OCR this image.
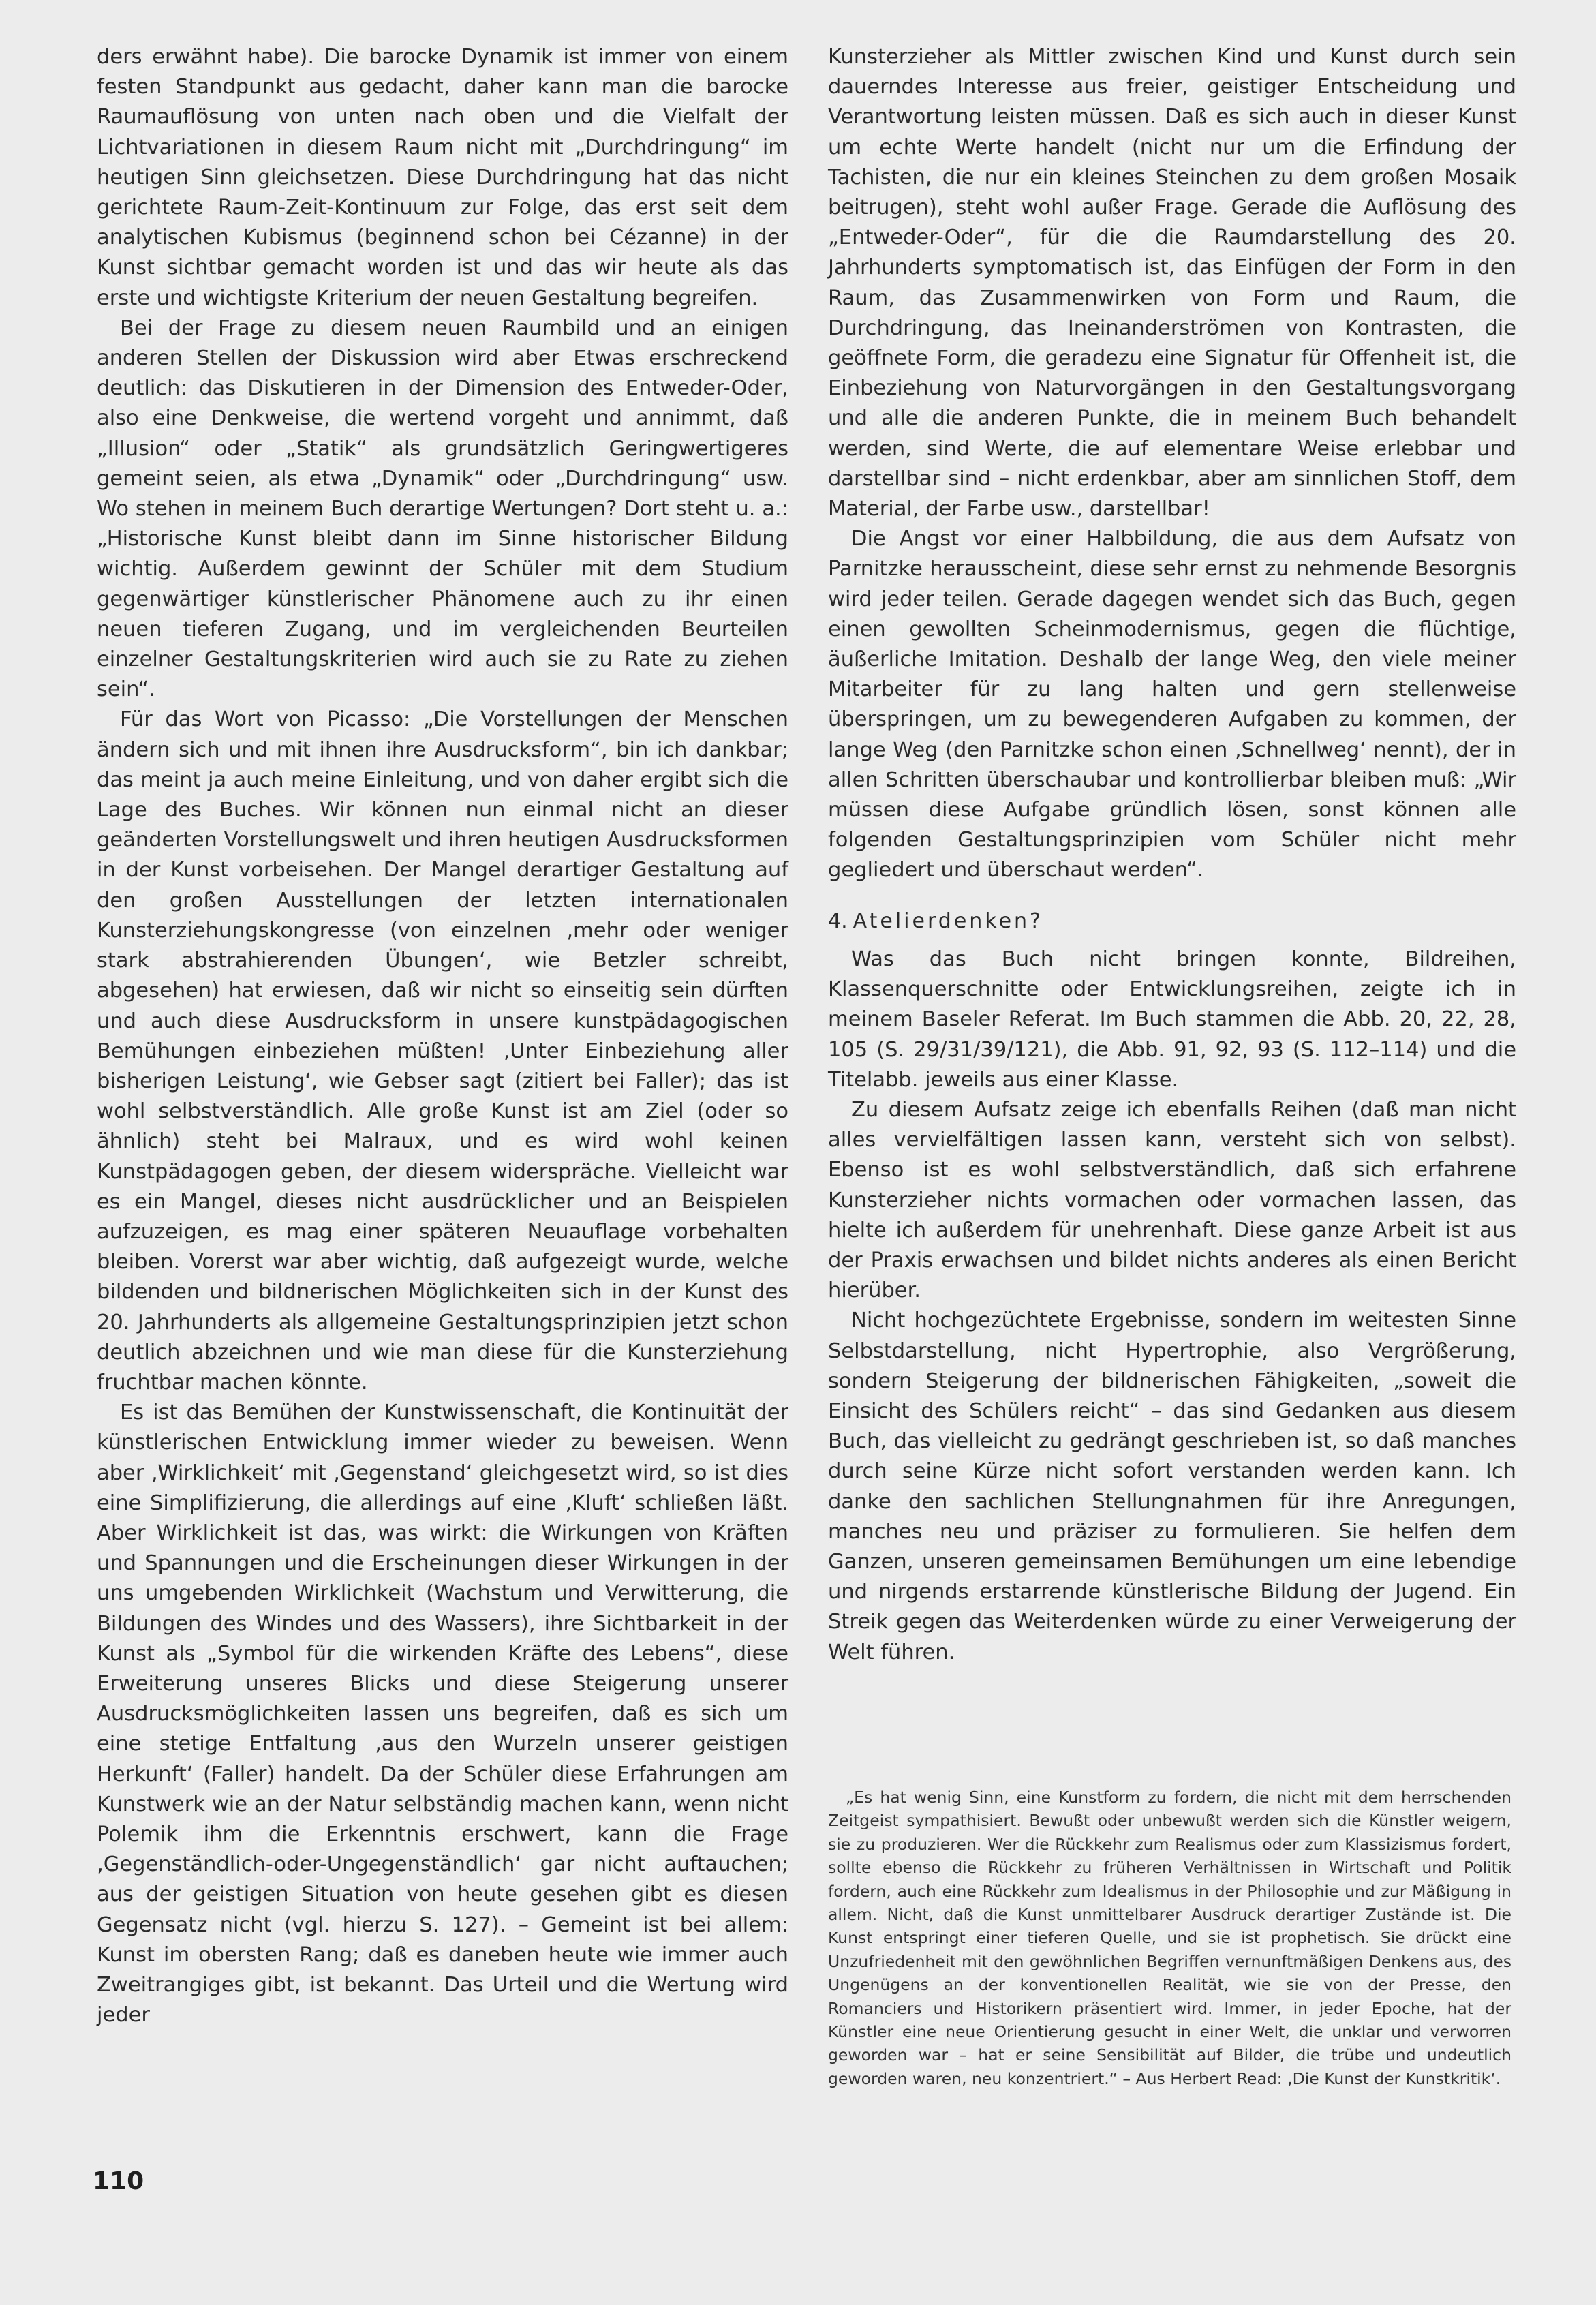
ders erwähnt habe). Die barocke Dynamik ist immer von einem festen Standpunkt aus gedacht, daher kann man die barocke Raumauflösung von unten nach oben und die Vielfalt der Lichtvariationen in diesem Raum nicht mit „Durchdringung“ im heutigen Sinn gleichsetzen. Diese Durchdringung hat das nicht gerichtete Raum-Zeit-Kontinuum zur Folge, das erst seit dem analytischen Kubismus (beginnend schon bei Cézanne) in der Kunst sichtbar gemacht worden ist und das wir heute als das erste und wichtigste Kriterium der neuen Gestaltung begreifen.

Bei der Frage zu diesem neuen Raumbild und an einigen anderen Stellen der Diskussion wird aber Etwas erschreckend deutlich: das Diskutieren in der Dimension des Entweder-Oder, also eine Denkweise, die wertend vorgeht und annimmt, daß „Illusion“ oder „Statik“ als grundsätzlich Geringwertigeres gemeint seien, als etwa „Dynamik“ oder „Durchdringung“ usw. Wo stehen in meinem Buch derartige Wertungen? Dort steht u. a.: „Historische Kunst bleibt dann im Sinne historischer Bildung wichtig. Außerdem gewinnt der Schüler mit dem Studium gegenwärtiger künstlerischer Phänomene auch zu ihr einen neuen tieferen Zugang, und im vergleichenden Beurteilen einzelner Gestaltungskriterien wird auch sie zu Rate zu ziehen sein“.

Für das Wort von Picasso: „Die Vorstellungen der Menschen ändern sich und mit ihnen ihre Ausdrucksform“, bin ich dankbar; das meint ja auch meine Einleitung, und von daher ergibt sich die Lage des Buches. Wir können nun einmal nicht an dieser geänderten Vorstellungswelt und ihren heutigen Ausdrucksformen in der Kunst vorbeisehen. Der Mangel derartiger Gestaltung auf den großen Ausstellungen der letzten internationalen Kunsterziehungskongresse (von einzelnen ‚mehr oder weniger stark abstrahierenden Übungen‘, wie Betzler schreibt, abgesehen) hat erwiesen, daß wir nicht so einseitig sein dürften und auch diese Ausdrucksform in unsere kunstpädagogischen Bemühungen einbeziehen müßten! ‚Unter Einbeziehung aller bisherigen Leistung‘, wie Gebser sagt (zitiert bei Faller); das ist wohl selbstverständlich. Alle große Kunst ist am Ziel (oder so ähnlich) steht bei Malraux, und es wird wohl keinen Kunstpädagogen geben, der diesem widerspräche. Vielleicht war es ein Mangel, dieses nicht ausdrücklicher und an Beispielen aufzuzeigen, es mag einer späteren Neuauflage vorbehalten bleiben. Vorerst war aber wichtig, daß aufgezeigt wurde, welche bildenden und bildnerischen Möglichkeiten sich in der Kunst des 20. Jahrhunderts als allgemeine Gestaltungsprinzipien jetzt schon deutlich abzeichnen und wie man diese für die Kunsterziehung fruchtbar machen könnte.

Es ist das Bemühen der Kunstwissenschaft, die Kontinuität der künstlerischen Entwicklung immer wieder zu beweisen. Wenn aber ‚Wirklichkeit‘ mit ‚Gegenstand‘ gleichgesetzt wird, so ist dies eine Simplifizierung, die allerdings auf eine ‚Kluft‘ schließen läßt. Aber Wirklichkeit ist das, was wirkt: die Wirkungen von Kräften und Spannungen und die Erscheinungen dieser Wirkungen in der uns umgebenden Wirklichkeit (Wachstum und Verwitterung, die Bildungen des Windes und des Wassers), ihre Sichtbarkeit in der Kunst als „Symbol für die wirkenden Kräfte des Lebens“, diese Erweiterung unseres Blicks und diese Steigerung unserer Ausdrucksmöglichkeiten lassen uns begreifen, daß es sich um eine stetige Entfaltung ‚aus den Wurzeln unserer geistigen Herkunft‘ (Faller) handelt. Da der Schüler diese Erfahrungen am Kunstwerk wie an der Natur selbständig machen kann, wenn nicht Polemik ihm die Erkenntnis erschwert, kann die Frage ‚Gegenständlich-oder-Ungegenständlich‘ gar nicht auftauchen; aus der geistigen Situation von heute gesehen gibt es diesen Gegensatz nicht (vgl. hierzu S. 127). – Gemeint ist bei allem: Kunst im obersten Rang; daß es daneben heute wie immer auch Zweitrangiges gibt, ist bekannt. Das Urteil und die Wertung wird jeder

Kunsterzieher als Mittler zwischen Kind und Kunst durch sein dauerndes Interesse aus freier, geistiger Entscheidung und Verantwortung leisten müssen. Daß es sich auch in dieser Kunst um echte Werte handelt (nicht nur um die Erfindung der Tachisten, die nur ein kleines Steinchen zu dem großen Mosaik beitrugen), steht wohl außer Frage. Gerade die Auflösung des „Entweder-Oder“, für die die Raumdarstellung des 20. Jahrhunderts symptomatisch ist, das Einfügen der Form in den Raum, das Zusammenwirken von Form und Raum, die Durchdringung, das Ineinanderströmen von Kontrasten, die geöffnete Form, die geradezu eine Signatur für Offenheit ist, die Einbeziehung von Naturvorgängen in den Gestaltungsvorgang und alle die anderen Punkte, die in meinem Buch behandelt werden, sind Werte, die auf elementare Weise erlebbar und darstellbar sind – nicht erdenkbar, aber am sinnlichen Stoff, dem Material, der Farbe usw., darstellbar!

Die Angst vor einer Halbbildung, die aus dem Aufsatz von Parnitzke herausscheint, diese sehr ernst zu nehmende Besorgnis wird jeder teilen. Gerade dagegen wendet sich das Buch, gegen einen gewollten Scheinmodernismus, gegen die flüchtige, äußerliche Imitation. Deshalb der lange Weg, den viele meiner Mitarbeiter für zu lang halten und gern stellenweise überspringen, um zu bewegenderen Aufgaben zu kommen, der lange Weg (den Parnitzke schon einen ‚Schnellweg‘ nennt), der in allen Schritten überschaubar und kontrollierbar bleiben muß: „Wir müssen diese Aufgabe gründlich lösen, sonst können alle folgenden Gestaltungsprinzipien vom Schüler nicht mehr gegliedert und überschaut werden“.

4. Atelierdenken?

Was das Buch nicht bringen konnte, Bildreihen, Klassenquerschnitte oder Entwicklungsreihen, zeigte ich in meinem Baseler Referat. Im Buch stammen die Abb. 20, 22, 28, 105 (S. 29/31/39/121), die Abb. 91, 92, 93 (S. 112–114) und die Titelabb. jeweils aus einer Klasse.

Zu diesem Aufsatz zeige ich ebenfalls Reihen (daß man nicht alles vervielfältigen lassen kann, versteht sich von selbst). Ebenso ist es wohl selbstverständlich, daß sich erfahrene Kunsterzieher nichts vormachen oder vormachen lassen, das hielte ich außerdem für unehrenhaft. Diese ganze Arbeit ist aus der Praxis erwachsen und bildet nichts anderes als einen Bericht hierüber.

Nicht hochgezüchtete Ergebnisse, sondern im weitesten Sinne Selbstdarstellung, nicht Hypertrophie, also Vergrößerung, sondern Steigerung der bildnerischen Fähigkeiten, „soweit die Einsicht des Schülers reicht“ – das sind Gedanken aus diesem Buch, das vielleicht zu gedrängt geschrieben ist, so daß manches durch seine Kürze nicht sofort verstanden werden kann. Ich danke den sachlichen Stellungnahmen für ihre Anregungen, manches neu und präziser zu formulieren. Sie helfen dem Ganzen, unseren gemeinsamen Bemühungen um eine lebendige und nirgends erstarrende künstlerische Bildung der Jugend. Ein Streik gegen das Weiterdenken würde zu einer Verweigerung der Welt führen.

„Es hat wenig Sinn, eine Kunstform zu fordern, die nicht mit dem herrschenden Zeitgeist sympathisiert. Bewußt oder unbewußt werden sich die Künstler weigern, sie zu produzieren. Wer die Rückkehr zum Realismus oder zum Klassizismus fordert, sollte ebenso die Rückkehr zu früheren Verhältnissen in Wirtschaft und Politik fordern, auch eine Rückkehr zum Idealismus in der Philosophie und zur Mäßigung in allem. Nicht, daß die Kunst unmittelbarer Ausdruck derartiger Zustände ist. Die Kunst entspringt einer tieferen Quelle, und sie ist prophetisch. Sie drückt eine Unzufriedenheit mit den gewöhnlichen Begriffen vernunftmäßigen Denkens aus, des Ungenügens an der konventionellen Realität, wie sie von der Presse, den Romanciers und Historikern präsentiert wird. Immer, in jeder Epoche, hat der Künstler eine neue Orientierung gesucht in einer Welt, die unklar und verworren geworden war – hat er seine Sensibilität auf Bilder, die trübe und undeutlich geworden waren, neu konzentriert.“ – Aus Herbert Read: ‚Die Kunst der Kunstkritik‘.

110
